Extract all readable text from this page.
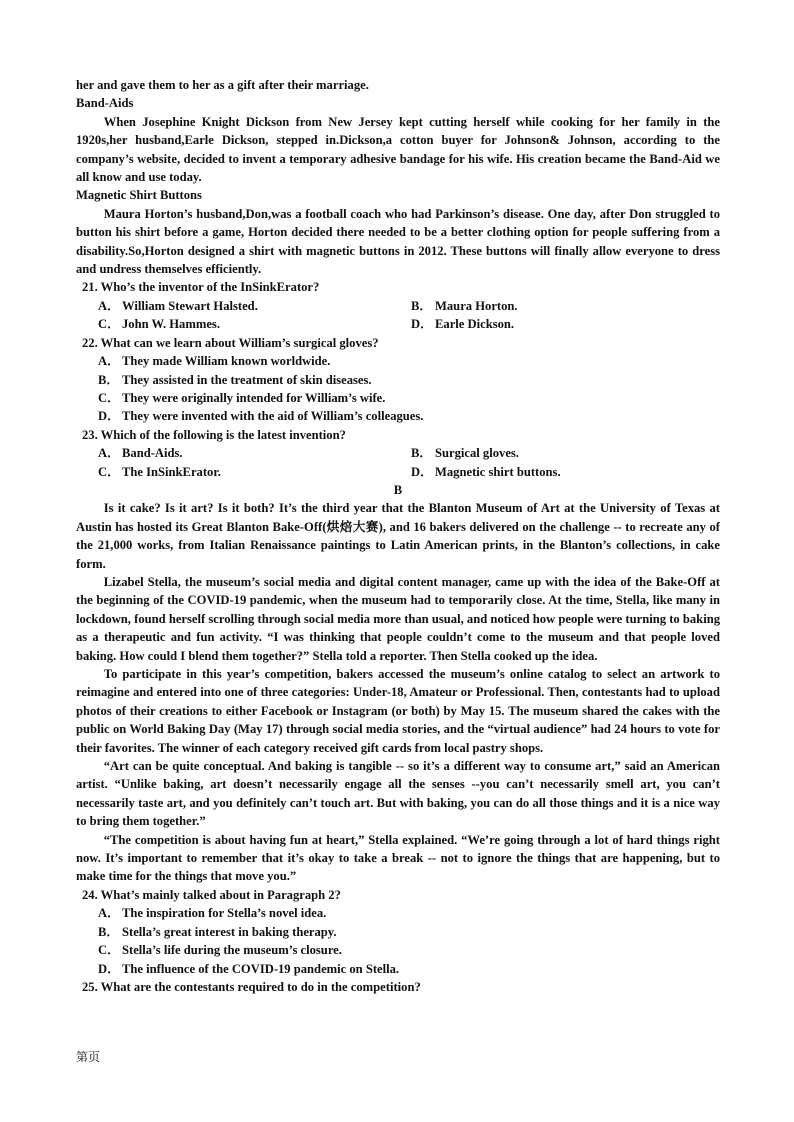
her and gave them to her as a gift after their marriage.

Band-Aids

When Josephine Knight Dickson from New Jersey kept cutting herself while cooking for her family in the 1920s,her husband,Earle Dickson, stepped in.Dickson,a cotton buyer for Johnson& Johnson, according to the company’s website, decided to invent a temporary adhesive bandage for his wife. His creation became the Band-Aid we all know and use today.

Magnetic Shirt Buttons

Maura Horton’s husband,Don,was a football coach who had Parkinson’s disease. One day, after Don struggled to button his shirt before a game, Horton decided there needed to be a better clothing option for people suffering from a disability.So,Horton designed a shirt with magnetic buttons in 2012. These buttons will finally allow everyone to dress and undress themselves efficiently.

21. Who’s the inventor of the InSinkErator?

A． William Stewart Halsted.	B． Maura Horton.
C． John W. Hammes.	D． Earle Dickson.

22. What can we learn about William’s surgical gloves?

A． They made William known worldwide.
B． They assisted in the treatment of skin diseases.
C． They were originally intended for William’s wife.
D． They were invented with the aid of William’s colleagues.

23. Which of the following is the latest invention?

A． Band-Aids.	B． Surgical gloves.
C． The InSinkErator.	D． Magnetic shirt buttons.

B

Is it cake? Is it art? Is it both? It’s the third year that the Blanton Museum of Art at the University of Texas at Austin has hosted its Great Blanton Bake-Off(烘焙大赛), and 16 bakers delivered on the challenge -- to recreate any of the 21,000 works, from Italian Renaissance paintings to Latin American prints, in the Blanton’s collections, in cake form.

Lizabel Stella, the museum’s social media and digital content manager, came up with the idea of the Bake-Off at the beginning of the COVID-19 pandemic, when the museum had to temporarily close. At the time, Stella, like many in lockdown, found herself scrolling through social media more than usual, and noticed how people were turning to baking as a therapeutic and fun activity. “I was thinking that people couldn’t come to the museum and that people loved baking. How could I blend them together?” Stella told a reporter. Then Stella cooked up the idea.

To participate in this year’s competition, bakers accessed the museum’s online catalog to select an artwork to reimagine and entered into one of three categories: Under-18, Amateur or Professional. Then, contestants had to upload photos of their creations to either Facebook or Instagram (or both) by May 15. The museum shared the cakes with the public on World Baking Day (May 17) through social media stories, and the “virtual audience” had 24 hours to vote for their favorites. The winner of each category received gift cards from local pastry shops.

“Art can be quite conceptual. And baking is tangible -- so it’s a different way to consume art,” said an American artist. “Unlike baking, art doesn’t necessarily engage all the senses --you can’t necessarily smell art, you can’t necessarily taste art, and you definitely can’t touch art. But with baking, you can do all those things and it is a nice way to bring them together.”

“The competition is about having fun at heart,” Stella explained. “We’re going through a lot of hard things right now. It’s important to remember that it’s okay to take a break -- not to ignore the things that are happening, but to make time for the things that move you.”

24. What’s mainly talked about in Paragraph 2?

A． The inspiration for Stella’s novel idea.
B． Stella’s great interest in baking therapy.
C． Stella’s life during the museum’s closure.
D． The influence of the COVID-19 pandemic on Stella.

25. What are the contestants required to do in the competition?

第页
